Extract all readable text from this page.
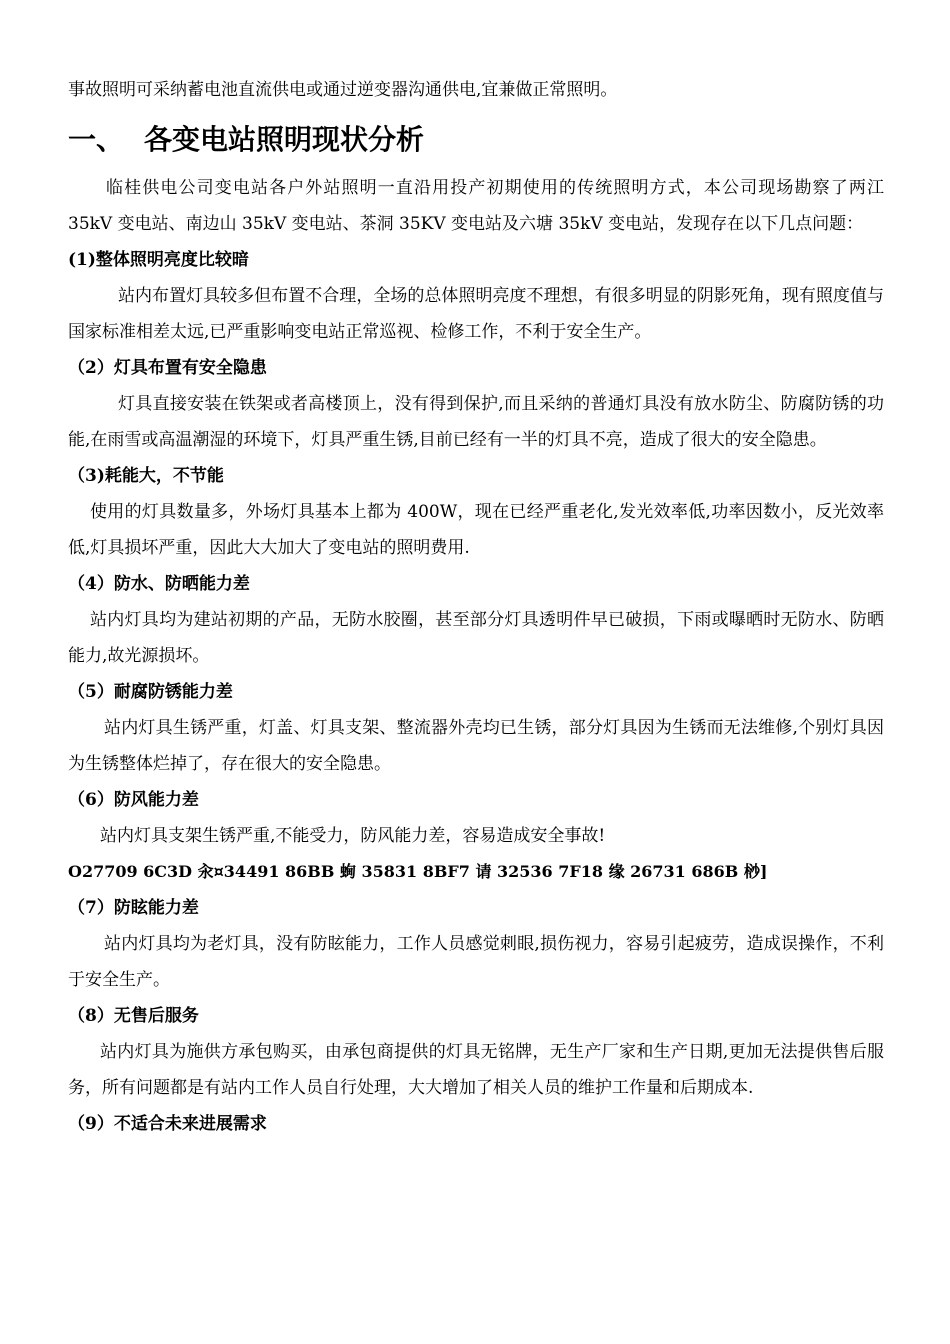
事故照明可采纳蓄电池直流供电或通过逆变器沟通供电,宜兼做正常照明。

一、 各变电站照明现状分析

临桂供电公司变电站各户外站照明一直沿用投产初期使用的传统照明方式，本公司现场勘察了两江 35kV 变电站、南边山 35kV 变电站、茶洞 35KV 变电站及六塘 35kV 变电站，发现存在以下几点问题：

(1)整体照明亮度比较暗

站内布置灯具较多但布置不合理，全场的总体照明亮度不理想，有很多明显的阴影死角，现有照度值与国家标准相差太远,已严重影响变电站正常巡视、检修工作，不利于安全生产。

（2）灯具布置有安全隐患

灯具直接安装在铁架或者高楼顶上，没有得到保护,而且采纳的普通灯具没有放水防尘、防腐防锈的功能,在雨雪或高温潮湿的环境下，灯具严重生锈,目前已经有一半的灯具不亮，造成了很大的安全隐患。

（3)耗能大，不节能

使用的灯具数量多，外场灯具基本上都为 400W，现在已经严重老化,发光效率低,功率因数小，反光效率低,灯具损坏严重，因此大大加大了变电站的照明费用.

（4）防水、防晒能力差

站内灯具均为建站初期的产品，无防水胶圈，甚至部分灯具透明件早已破损，下雨或曝晒时无防水、防晒能力,故光源损坏。

（5）耐腐防锈能力差

站内灯具生锈严重，灯盖、灯具支架、整流器外壳均已生锈，部分灯具因为生锈而无法维修,个别灯具因为生锈整体烂掉了，存在很大的安全隐患。

（6）防风能力差

站内灯具支架生锈严重,不能受力，防风能力差，容易造成安全事故!

O27709 6C3D 汆¤34491 86BB 蜔 35831 8BF7 请 32536 7F18 缘 26731 686B 桫]

（7）防眩能力差

站内灯具均为老灯具，没有防眩能力，工作人员感觉刺眼,损伤视力，容易引起疲劳，造成误操作，不利于安全生产。

（8）无售后服务

站内灯具为施供方承包购买，由承包商提供的灯具无铭牌，无生产厂家和生产日期,更加无法提供售后服务，所有问题都是有站内工作人员自行处理，大大增加了相关人员的维护工作量和后期成本.

（9）不适合未来进展需求
